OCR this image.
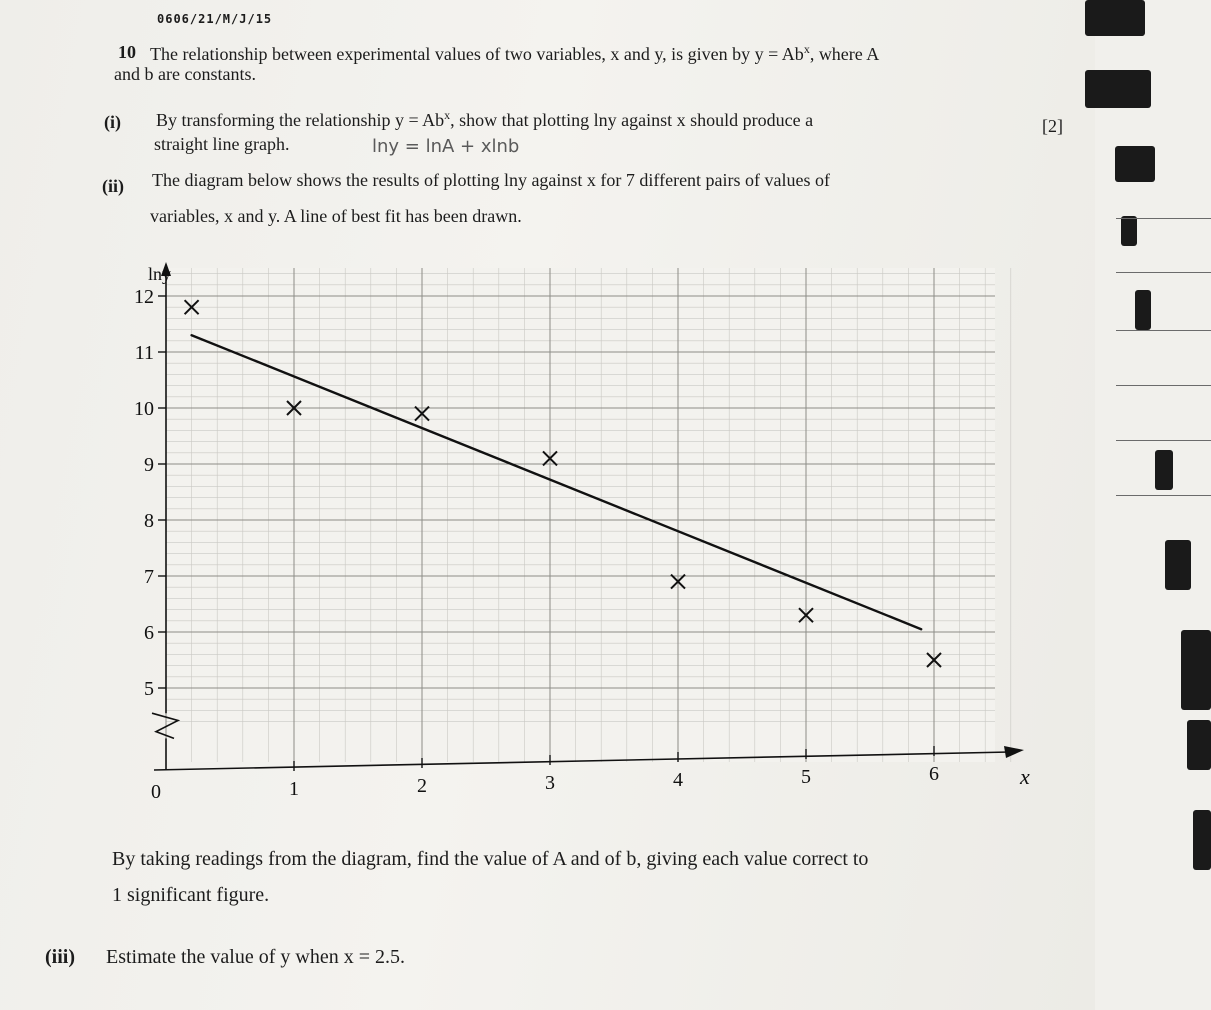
0606/21/M/J/15
10 The relationship between experimental values of two variables, x and y, is given by $y = Ab^x$, where A
and b are constants.
(i) By transforming the relationship $y = Ab^x$, show that plotting lny against x should produce a	[2]
straight line graph.	lny = lnA + xlnb
(ii) The diagram below shows the results of plotting lny against x for 7 different pairs of values of
variables, x and y. A line of best fit has been drawn.
5
6
7
8
9
10
11
12
0	1	2	3	4	5	6
lny
x
By taking readings from the diagram, find the value of A and of b, giving each value correct to
1 significant figure.
(iii) Estimate the value of y when x = 2.5.
